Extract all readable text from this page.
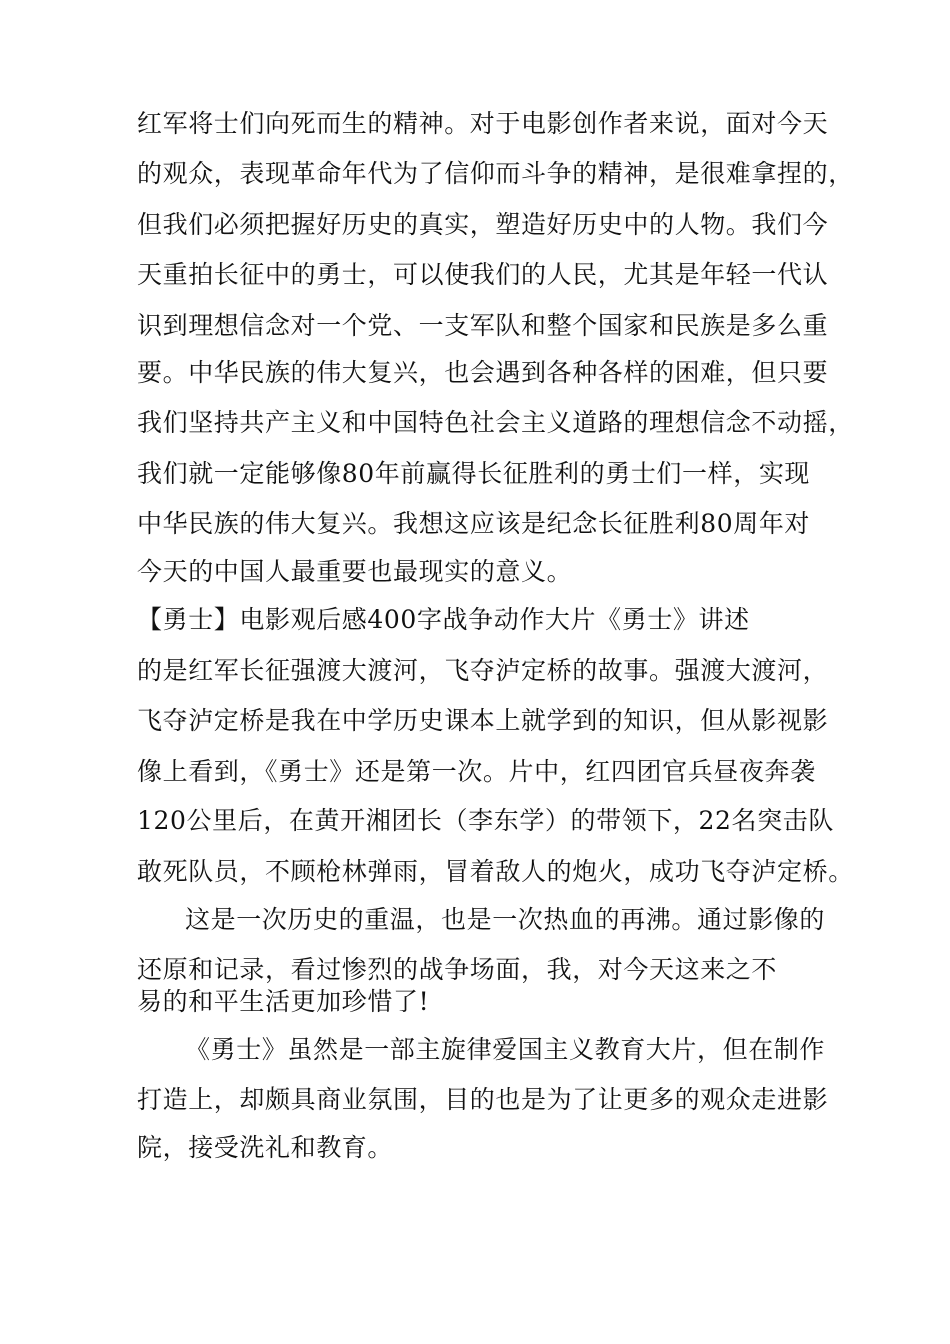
红军将士们向死而生的精神。对于电影创作者来说，面对今天
的观众，表现革命年代为了信仰而斗争的精神，是很难拿捏的，
但我们必须把握好历史的真实，塑造好历史中的人物。我们今
天重拍长征中的勇士，可以使我们的人民，尤其是年轻一代认
识到理想信念对一个党、一支军队和整个国家和民族是多么重
要。中华民族的伟大复兴，也会遇到各种各样的困难，但只要
我们坚持共产主义和中国特色社会主义道路的理想信念不动摇，
我们就一定能够像80年前赢得长征胜利的勇士们一样，实现
中华民族的伟大复兴。我想这应该是纪念长征胜利80周年对
今天的中国人最重要也最现实的意义。
【勇士】电影观后感400字战争动作大片《勇士》讲述
的是红军长征强渡大渡河，飞夺泸定桥的故事。强渡大渡河，
飞夺泸定桥是我在中学历史课本上就学到的知识，但从影视影
像上看到，《勇士》还是第一次。片中，红四团官兵昼夜奔袭
120公里后，在黄开湘团长（李东学）的带领下，22名突击队
敢死队员，不顾枪林弹雨，冒着敌人的炮火，成功飞夺泸定桥。
这是一次历史的重温，也是一次热血的再沸。通过影像的
还原和记录，看过惨烈的战争场面，我，对今天这来之不
易的和平生活更加珍惜了!
《勇士》虽然是一部主旋律爱国主义教育大片，但在制作
打造上，却颇具商业氛围，目的也是为了让更多的观众走进影
院，接受洗礼和教育。
